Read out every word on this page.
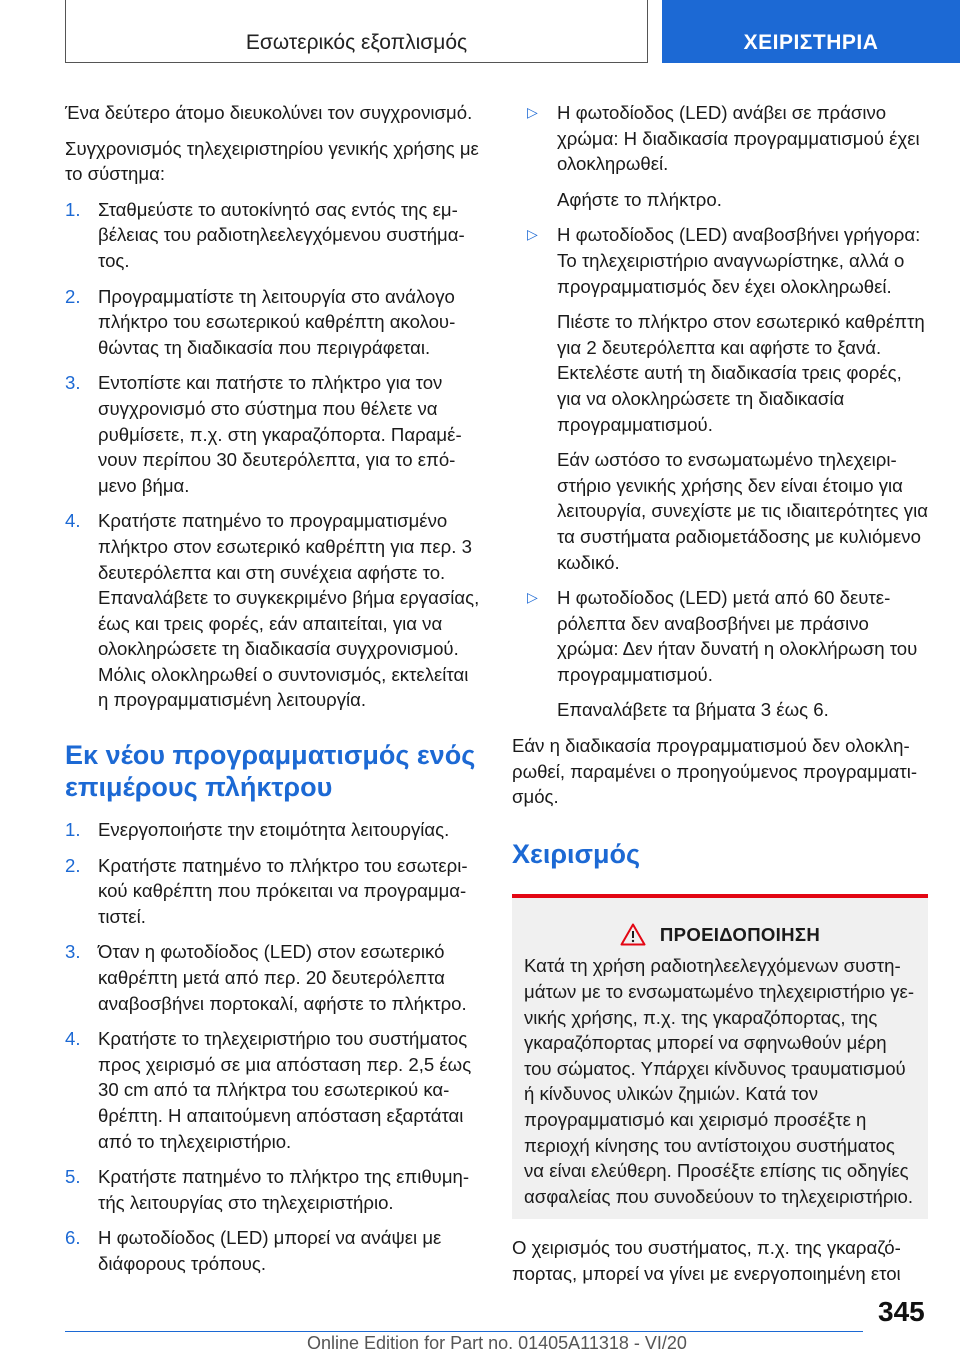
Εσωτερικός εξοπλισμός	ΧΕΙΡΙΣΤΗΡΙΑ

Ένα δεύτερο άτομο διευκολύνει τον συγχρονισμό.

Συγχρονισμός τηλεχειριστηρίου γενικής χρήσης με το σύστημα:

1. Σταθμεύστε το αυτοκίνητό σας εντός της εμβέλειας του ραδιοτηλεελεγχόμενου συστήματος.
2. Προγραμματίστε τη λειτουργία στο ανάλογο πλήκτρο του εσωτερικού καθρέπτη ακολουθώντας τη διαδικασία που περιγράφεται.
3. Εντοπίστε και πατήστε το πλήκτρο για τον συγχρονισμό στο σύστημα που θέλετε να ρυθμίσετε, π.χ. στη γκαραζόπορτα. Παραμένουν περίπου 30 δευτερόλεπτα, για το επόμενο βήμα.
4. Κρατήστε πατημένο το προγραμματισμένο πλήκτρο στον εσωτερικό καθρέπτη για περ. 3 δευτερόλεπτα και στη συνέχεια αφήστε το. Επαναλάβετε το συγκεκριμένο βήμα εργασίας, έως και τρεις φορές, εάν απαιτείται, για να ολοκληρώσετε τη διαδικασία συγχρονισμού. Μόλις ολοκληρωθεί ο συντονισμός, εκτελείται η προγραμματισμένη λειτουργία.
Εκ νέου προγραμματισμός ενός επιμέρους πλήκτρου
1. Ενεργοποιήστε την ετοιμότητα λειτουργίας.
2. Κρατήστε πατημένο το πλήκτρο του εσωτερικού καθρέπτη που πρόκειται να προγραμματιστεί.
3. Όταν η φωτοδίοδος (LED) στον εσωτερικό καθρέπτη μετά από περ. 20 δευτερόλεπτα αναβοσβήνει πορτοκαλί, αφήστε το πλήκτρο.
4. Κρατήστε το τηλεχειριστήριο του συστήματος προς χειρισμό σε μια απόσταση περ. 2,5 έως 30 cm από τα πλήκτρα του εσωτερικού καθρέπτη. Η απαιτούμενη απόσταση εξαρτάται από το τηλεχειριστήριο.
5. Κρατήστε πατημένο το πλήκτρο της επιθυμητής λειτουργίας στο τηλεχειριστήριο.
6. Η φωτοδίοδος (LED) μπορεί να ανάψει με διάφορους τρόπους.
▷ Η φωτοδίοδος (LED) ανάβει σε πράσινο χρώμα: Η διαδικασία προγραμματισμού έχει ολοκληρωθεί.
Αφήστε το πλήκτρο.
▷ Η φωτοδίοδος (LED) αναβοσβήνει γρήγορα: Το τηλεχειριστήριο αναγνωρίστηκε, αλλά ο προγραμματισμός δεν έχει ολοκληρωθεί.
Πιέστε το πλήκτρο στον εσωτερικό καθρέπτη για 2 δευτερόλεπτα και αφήστε το ξανά. Εκτελέστε αυτή τη διαδικασία τρεις φορές, για να ολοκληρώσετε τη διαδικασία προγραμματισμού.
Εάν ωστόσο το ενσωματωμένο τηλεχειριστήριο γενικής χρήσης δεν είναι έτοιμο για λειτουργία, συνεχίστε με τις ιδιαιτερότητες για τα συστήματα ραδιομετάδοσης με κυλιόμενο κωδικό.
▷ Η φωτοδίοδος (LED) μετά από 60 δευτερόλεπτα δεν αναβοσβήνει με πράσινο χρώμα: Δεν ήταν δυνατή η ολοκλήρωση του προγραμματισμού.
Επαναλάβετε τα βήματα 3 έως 6.

Εάν η διαδικασία προγραμματισμού δεν ολοκληρωθεί, παραμένει ο προηγούμενος προγραμματισμός.

Χειρισμός
ΠΡΟΕΙΔΟΠΟΙΗΣΗ
Κατά τη χρήση ραδιοτηλεελεγχόμενων συστημάτων με το ενσωματωμένο τηλεχειριστήριο γενικής χρήσης, π.χ. της γκαραζόπορτας, της γκαραζόπορτας μπορεί να σφηνωθούν μέρη του σώματος. Υπάρχει κίνδυνος τραυματισμού ή κίνδυνος υλικών ζημιών. Κατά τον προγραμματισμό και χειρισμό προσέξτε η περιοχή κίνησης του αντίστοιχου συστήματος να είναι ελεύθερη. Προσέξτε επίσης τις οδηγίες ασφαλείας που συνοδεύουν το τηλεχειριστήριο.

Ο χειρισμός του συστήματος, π.χ. της γκαραζόπορτας, μπορεί να γίνει με ενεργοποιημένη ετοι

345
Online Edition for Part no. 01405A11318 - VI/20
